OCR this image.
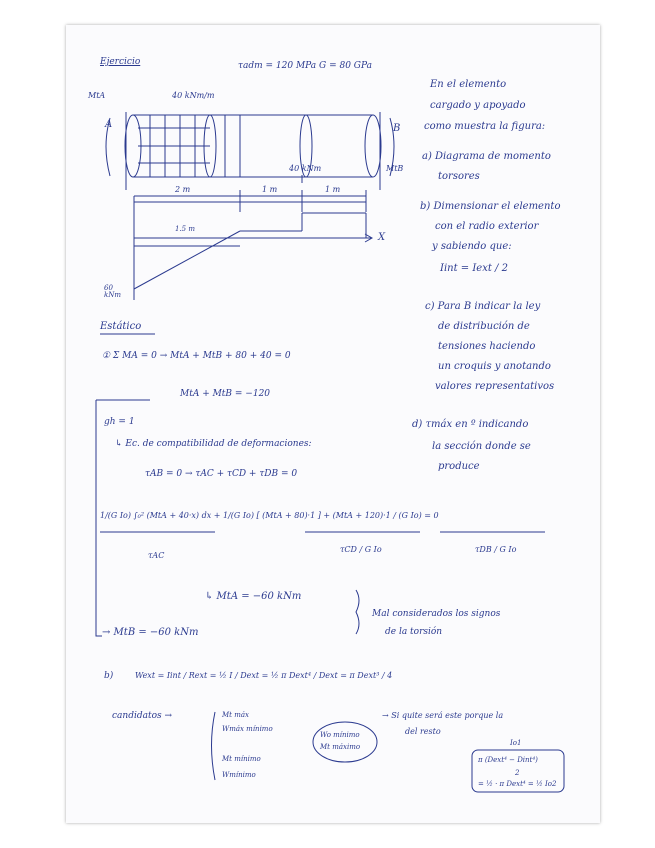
Ejercicio	τadm = 120 MPa G = 80 GPa
MtA
A	B
40 kNm/m
40 kNm	MtB
2 m	1 m	1 m
X
1.5 m
60 kNm
En el elemento
cargado y apoyado
como muestra la figura:
a) Diagrama de momento
torsores
b) Dimensionar el elemento
con el radio exterior
y sabiendo que:
Iint = Iext / 2
c) Para B indicar la ley
de distribución de
tensiones haciendo
un croquis y anotando
valores representativos
d) τmáx en º indicando
la sección donde se
produce
Estático
① Σ MA = 0 → MtA + MtB + 80 + 40 = 0
MtA + MtB = −120
gh = 1
↳ Ec. de compatibilidad de deformaciones:
τAB = 0 → τAC + τCD + τDB = 0
1/(G Io) ∫₀² (MtA + 40·x) dx + 1/(G Io) [ (MtA + 80)·1 ] + (MtA + 120)·1 / (G Io) = 0
τAC
τCD / G Io	τDB / G Io
↳ MtA = −60 kNm
→ MtB = −60 kNm
Mal considerados los signos
de la torsión
b)	Wext = Iint / Rext = ½ I / Dext = ½ π Dext⁴ / Dext = π Dext³ / 4
candidatos →	Mt máx
Wmáx mínimo
Mt mínimo
Wmínimo
Wo mínimo
Mt máximo
→ Si quite será este porque la
del resto
Io1
π (Dext⁴ − Dint⁴)
2
= ½ · π Dext⁴ = ½ Io2
